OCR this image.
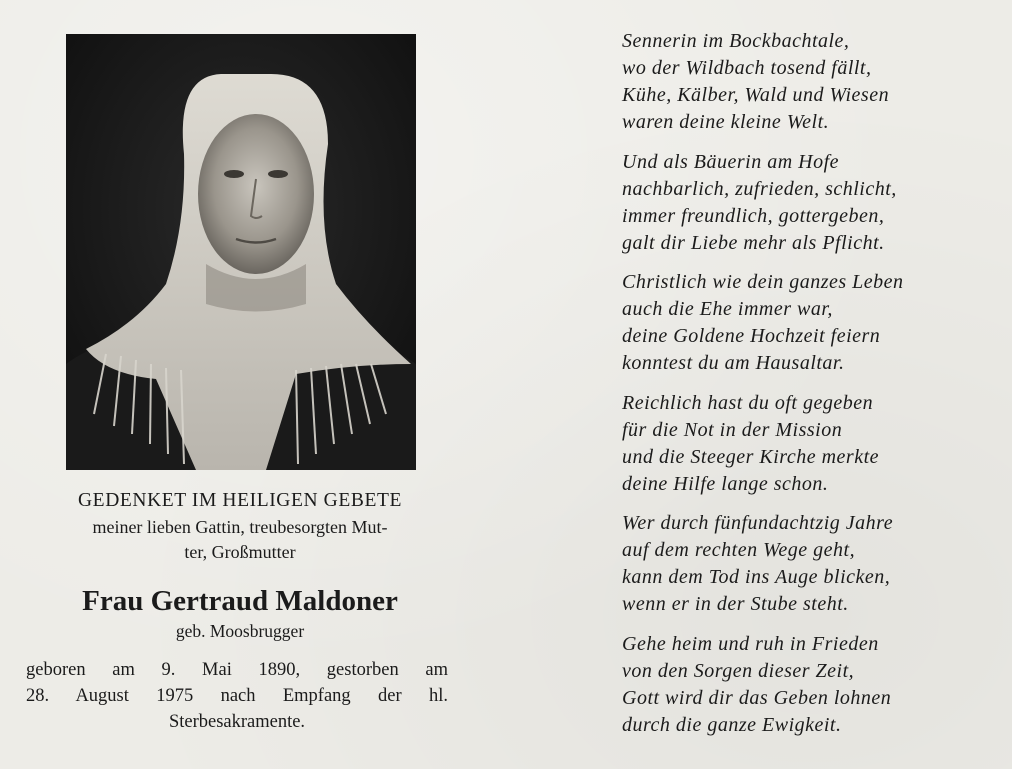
GEDENKET IM HEILIGEN GEBETE
meiner lieben Gattin, treubesorgten Mut-
ter, Großmutter
Frau Gertraud Maldoner
geb. Moosbrugger
geboren am 9. Mai 1890, gestorben am
28. August 1975 nach Empfang der hl.
Sterbesakramente.
Sennerin im Bockbachtale,
wo der Wildbach tosend fällt,
Kühe, Kälber, Wald und Wiesen
waren deine kleine Welt.
Und als Bäuerin am Hofe
nachbarlich, zufrieden, schlicht,
immer freundlich, gottergeben,
galt dir Liebe mehr als Pflicht.
Christlich wie dein ganzes Leben
auch die Ehe immer war,
deine Goldene Hochzeit feiern
konntest du am Hausaltar.
Reichlich hast du oft gegeben
für die Not in der Mission
und die Steeger Kirche merkte
deine Hilfe lange schon.
Wer durch fünfundachtzig Jahre
auf dem rechten Wege geht,
kann dem Tod ins Auge blicken,
wenn er in der Stube steht.
Gehe heim und ruh in Frieden
von den Sorgen dieser Zeit,
Gott wird dir das Geben lohnen
durch die ganze Ewigkeit.
